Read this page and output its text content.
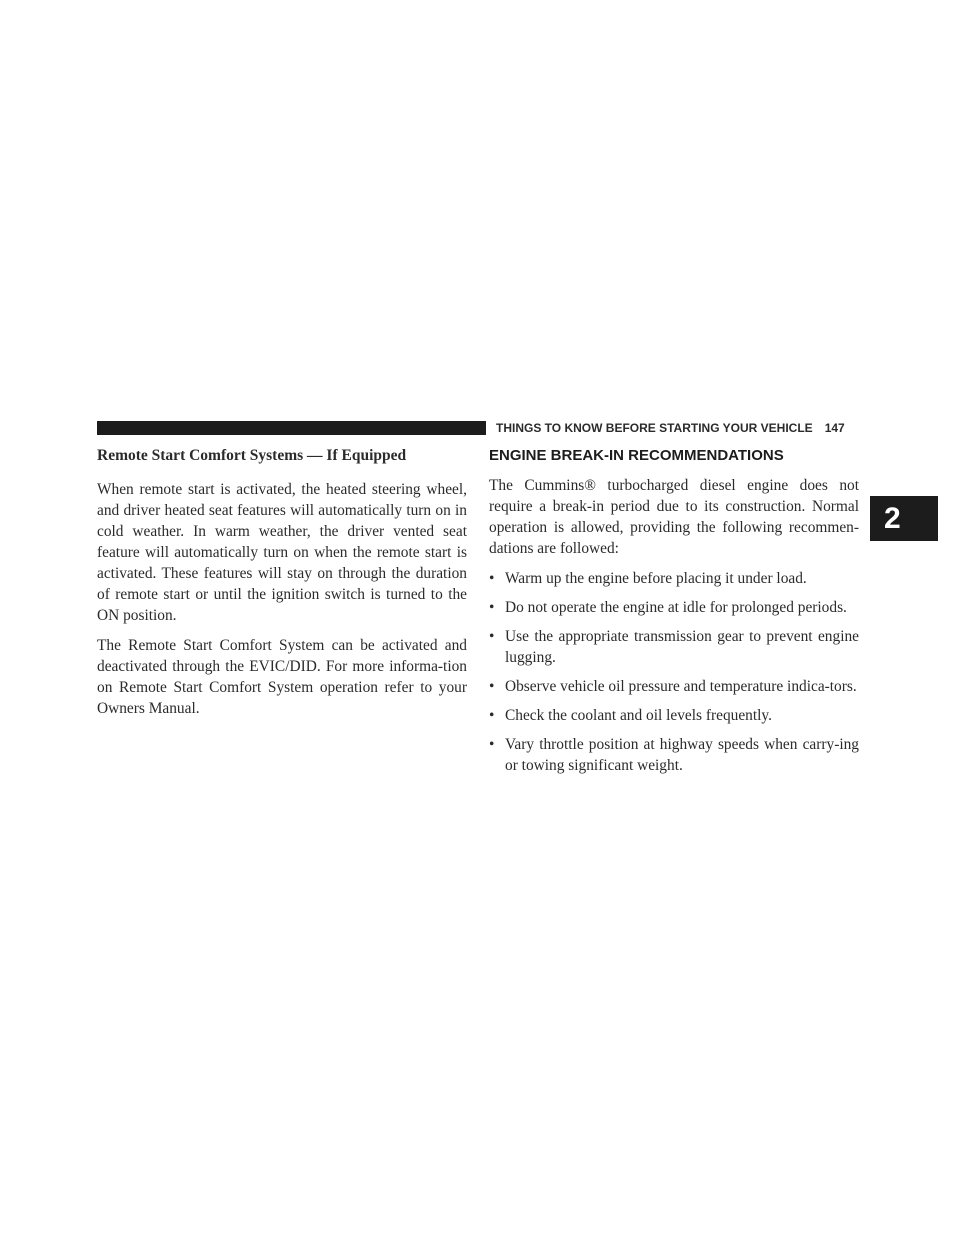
THINGS TO KNOW BEFORE STARTING YOUR VEHICLE 147
2
Remote Start Comfort Systems — If Equipped

When remote start is activated, the heated steering wheel, and driver heated seat features will automatically turn on in cold weather. In warm weather, the driver vented seat feature will automatically turn on when the remote start is activated. These features will stay on through the duration of remote start or until the ignition switch is turned to the ON position.

The Remote Start Comfort System can be activated and deactivated through the EVIC/DID. For more informa-tion on Remote Start Comfort System operation refer to your Owners Manual.

ENGINE BREAK-IN RECOMMENDATIONS

The Cummins® turbocharged diesel engine does not require a break-in period due to its construction. Normal operation is allowed, providing the following recommen-dations are followed:

• Warm up the engine before placing it under load.
• Do not operate the engine at idle for prolonged periods.
• Use the appropriate transmission gear to prevent engine lugging.
• Observe vehicle oil pressure and temperature indica-tors.
• Check the coolant and oil levels frequently.
• Vary throttle position at highway speeds when carry-ing or towing significant weight.
